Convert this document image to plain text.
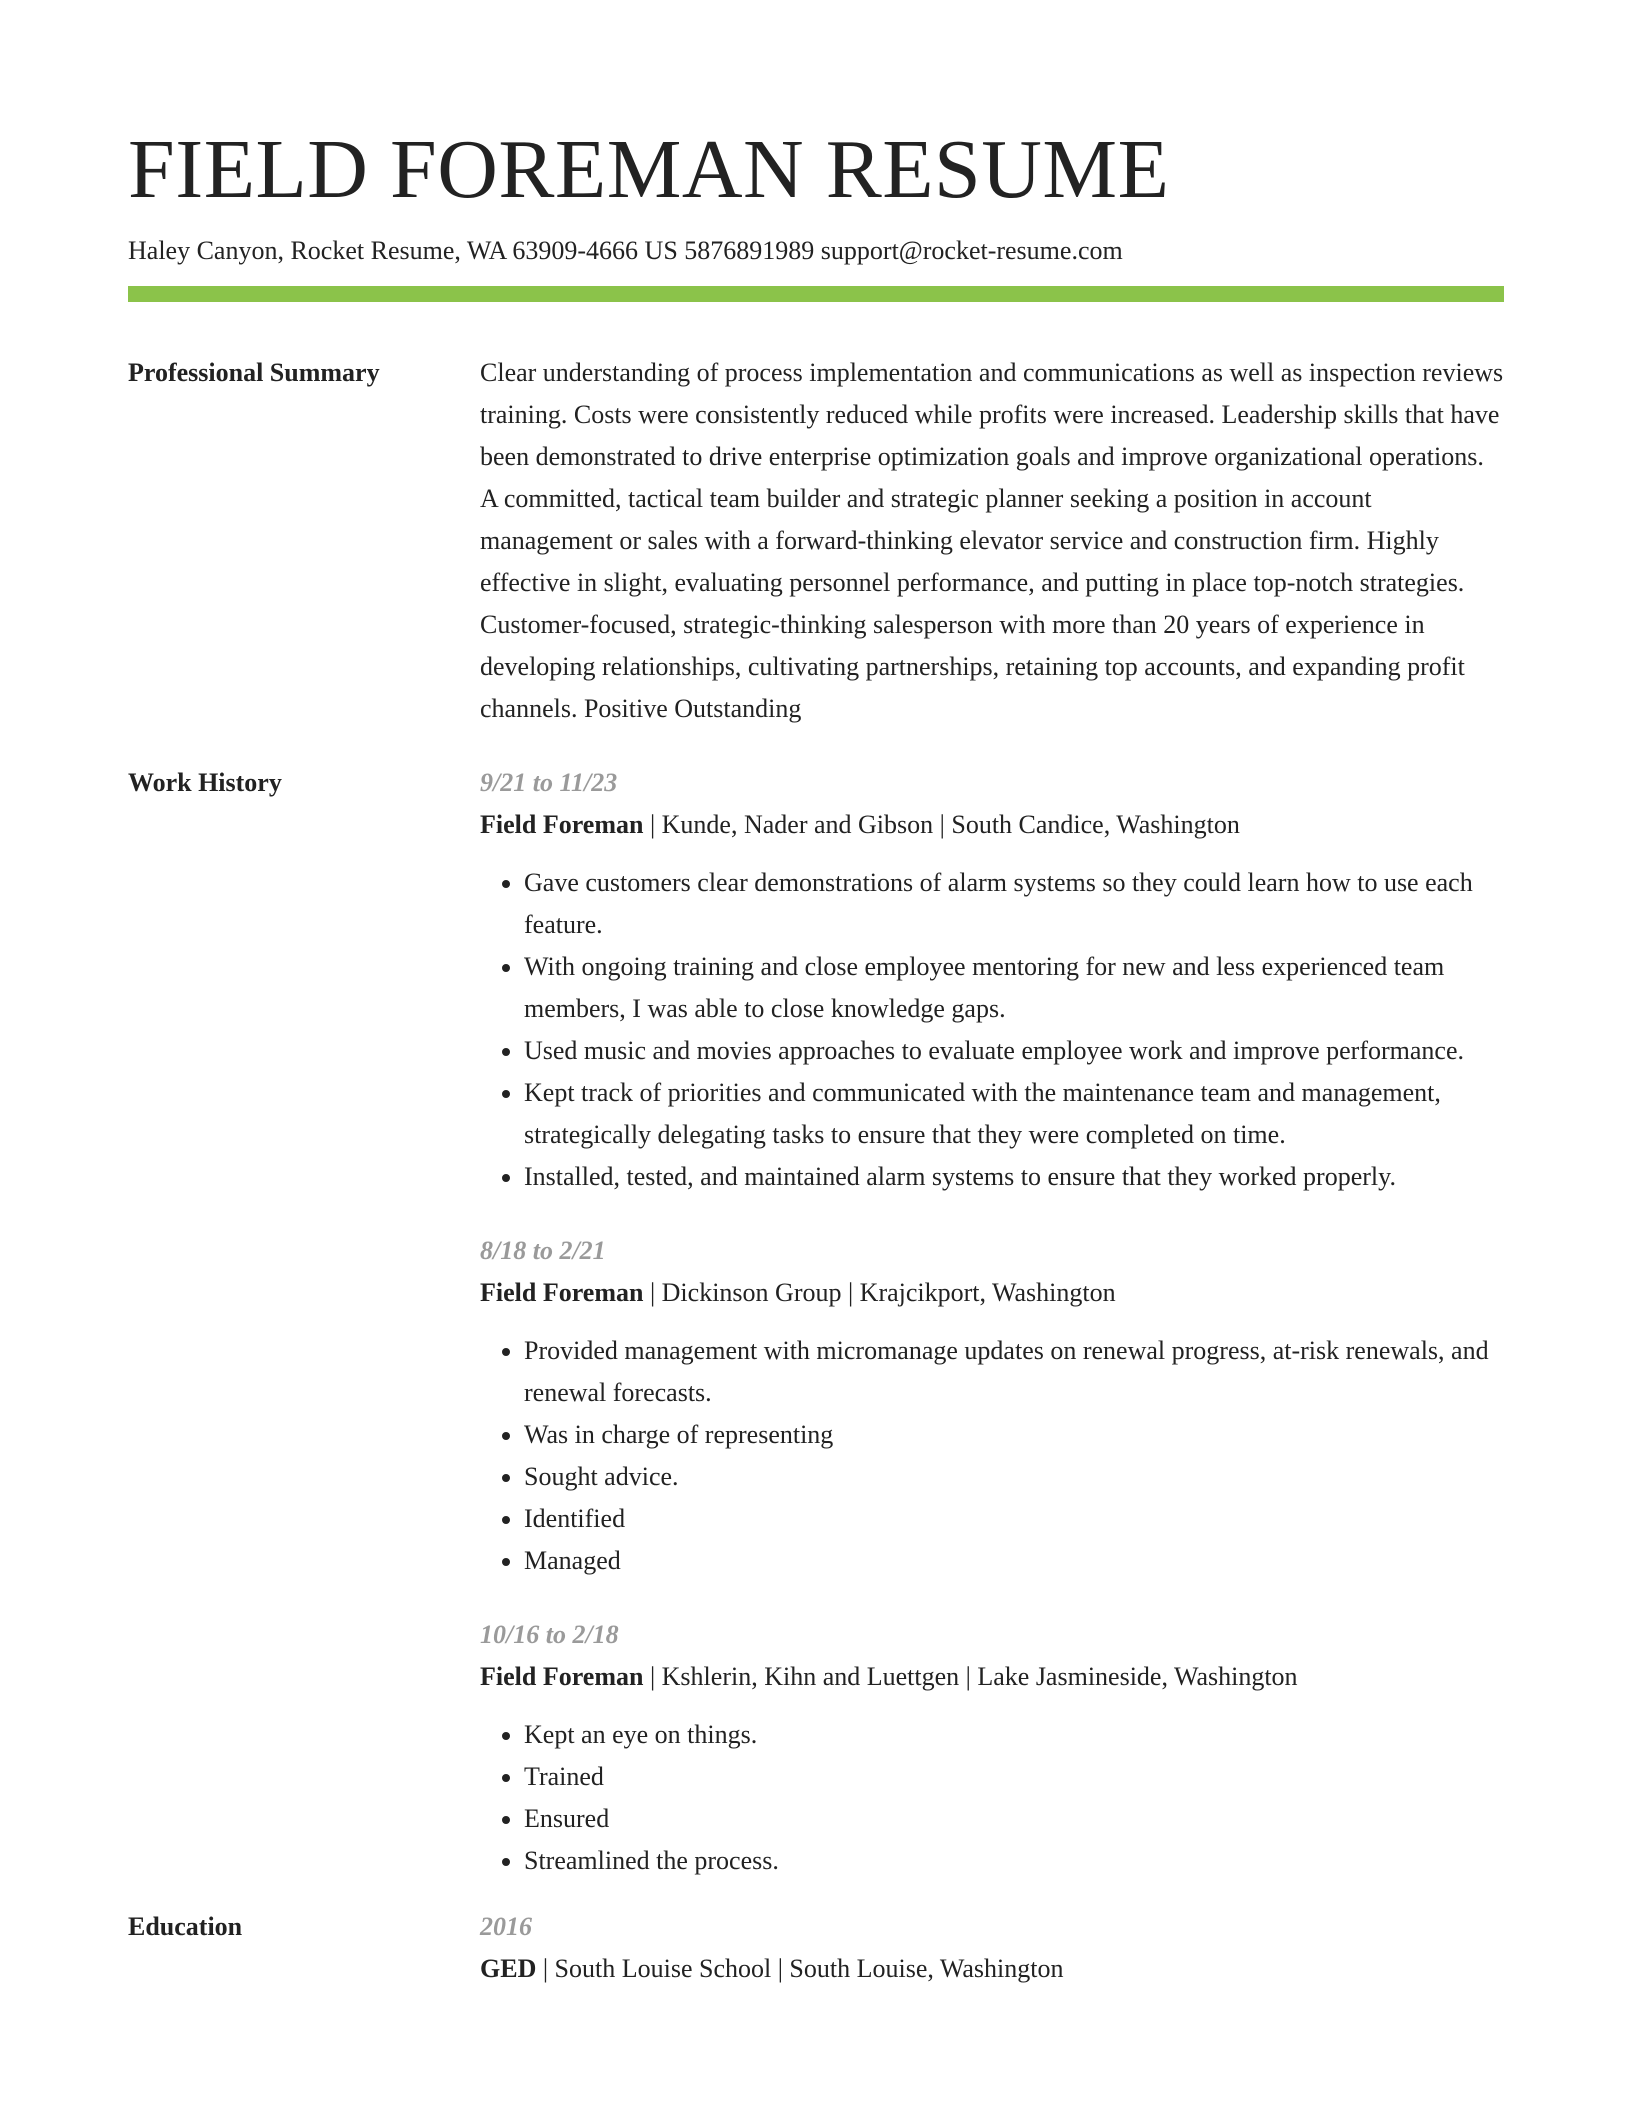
FIELD FOREMAN RESUME
Haley Canyon, Rocket Resume, WA 63909-4666 US 5876891989 support@rocket-resume.com
Professional Summary	Clear understanding of process implementation and communications as well as inspection reviews training. Costs were consistently reduced while profits were increased. Leadership skills that have been demonstrated to drive enterprise optimization goals and improve organizational operations. A committed, tactical team builder and strategic planner seeking a position in account management or sales with a forward-thinking elevator service and construction firm. Highly effective in slight, evaluating personnel performance, and putting in place top-notch strategies. Customer-focused, strategic-thinking salesperson with more than 20 years of experience in developing relationships, cultivating partnerships, retaining top accounts, and expanding profit channels. Positive Outstanding

Work History	9/21 to 11/23
Field Foreman | Kunde, Nader and Gibson | South Candice, Washington
• Gave customers clear demonstrations of alarm systems so they could learn how to use each feature.
• With ongoing training and close employee mentoring for new and less experienced team members, I was able to close knowledge gaps.
• Used music and movies approaches to evaluate employee work and improve performance.
• Kept track of priorities and communicated with the maintenance team and management, strategically delegating tasks to ensure that they were completed on time.
• Installed, tested, and maintained alarm systems to ensure that they worked properly.
8/18 to 2/21
Field Foreman | Dickinson Group | Krajcikport, Washington
• Provided management with micromanage updates on renewal progress, at-risk renewals, and renewal forecasts.
• Was in charge of representing
• Sought advice.
• Identified
• Managed
10/16 to 2/18
Field Foreman | Kshlerin, Kihn and Luettgen | Lake Jasmineside, Washington
• Kept an eye on things.
• Trained
• Ensured
• Streamlined the process.
Education	2016
GED | South Louise School | South Louise, Washington
